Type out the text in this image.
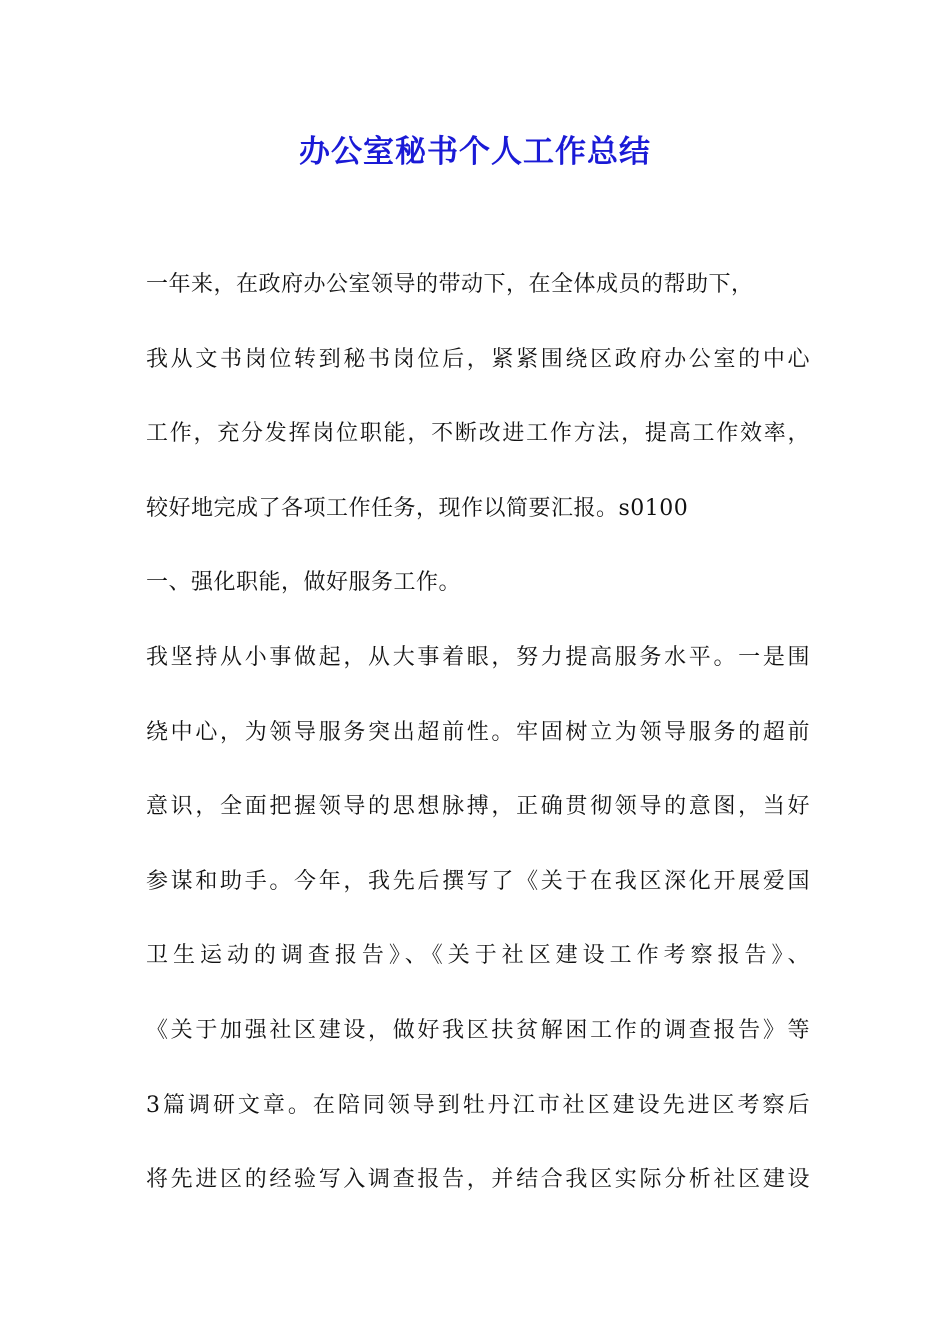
办公室秘书个人工作总结
一年来，在政府办公室领导的带动下，在全体成员的帮助下，
我从文书岗位转到秘书岗位后，紧紧围绕区政府办公室的中心
工作，充分发挥岗位职能，不断改进工作方法，提高工作效率，
较好地完成了各项工作任务，现作以简要汇报。s0100
一、强化职能，做好服务工作。
我坚持从小事做起，从大事着眼，努力提高服务水平。一是围
绕中心，为领导服务突出超前性。牢固树立为领导服务的超前
意识，全面把握领导的思想脉搏，正确贯彻领导的意图，当好
参谋和助手。今年，我先后撰写了《关于在我区深化开展爱国
卫生运动的调查报告》、《关于社区建设工作考察报告》、
《关于加强社区建设，做好我区扶贫解困工作的调查报告》等
3篇调研文章。在陪同领导到牡丹江市社区建设先进区考察后
将先进区的经验写入调查报告，并结合我区实际分析社区建设
